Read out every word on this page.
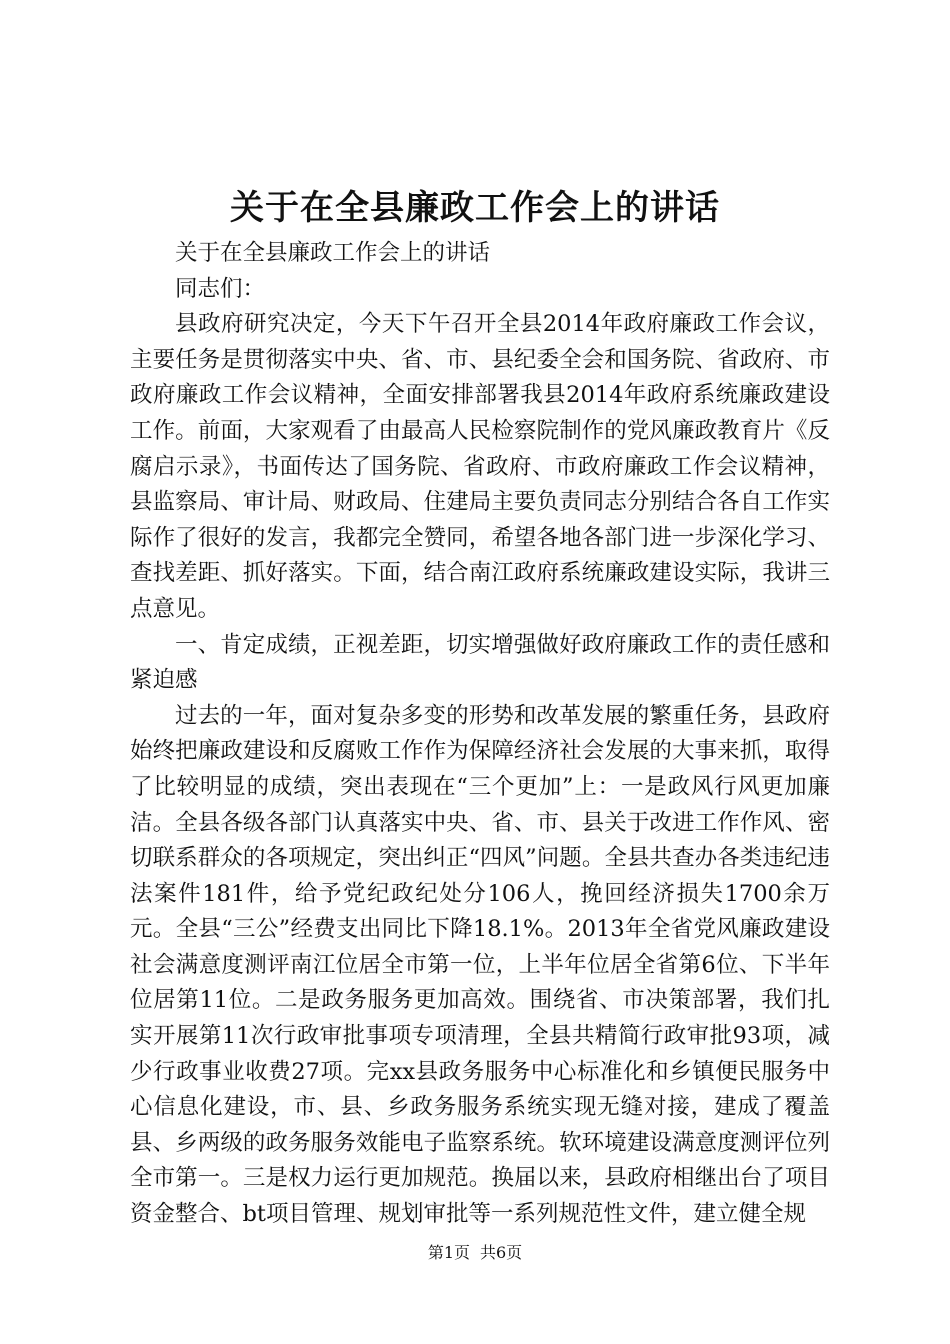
关于在全县廉政工作会上的讲话

关于在全县廉政工作会上的讲话

同志们：

县政府研究决定，今天下午召开全县2014年政府廉政工作会议，主要任务是贯彻落实中央、省、市、县纪委全会和国务院、省政府、市政府廉政工作会议精神，全面安排部署我县2014年政府系统廉政建设工作。前面，大家观看了由最高人民检察院制作的党风廉政教育片《反腐启示录》，书面传达了国务院、省政府、市政府廉政工作会议精神，县监察局、审计局、财政局、住建局主要负责同志分别结合各自工作实际作了很好的发言，我都完全赞同，希望各地各部门进一步深化学习、查找差距、抓好落实。下面，结合南江政府系统廉政建设实际，我讲三点意见。

一、肯定成绩，正视差距，切实增强做好政府廉政工作的责任感和紧迫感

过去的一年，面对复杂多变的形势和改革发展的繁重任务，县政府始终把廉政建设和反腐败工作作为保障经济社会发展的大事来抓，取得了比较明显的成绩，突出表现在“三个更加”上：一是政风行风更加廉洁。全县各级各部门认真落实中央、省、市、县关于改进工作作风、密切联系群众的各项规定，突出纠正“四风”问题。全县共查办各类违纪违法案件181件，给予党纪政纪处分106人，挽回经济损失1700余万元。全县“三公”经费支出同比下降18.1%。2013年全省党风廉政建设社会满意度测评南江位居全市第一位，上半年位居全省第6位、下半年位居第11位。二是政务服务更加高效。围绕省、市决策部署，我们扎实开展第11次行政审批事项专项清理，全县共精简行政审批93项，减少行政事业收费27项。完xx县政务服务中心标准化和乡镇便民服务中心信息化建设，市、县、乡政务服务系统实现无缝对接，建成了覆盖县、乡两级的政务服务效能电子监察系统。软环境建设满意度测评位列全市第一。三是权力运行更加规范。换届以来，县政府相继出台了项目资金整合、bt项目管理、规划审批等一系列规范性文件，建立健全规

第1页 共6页
